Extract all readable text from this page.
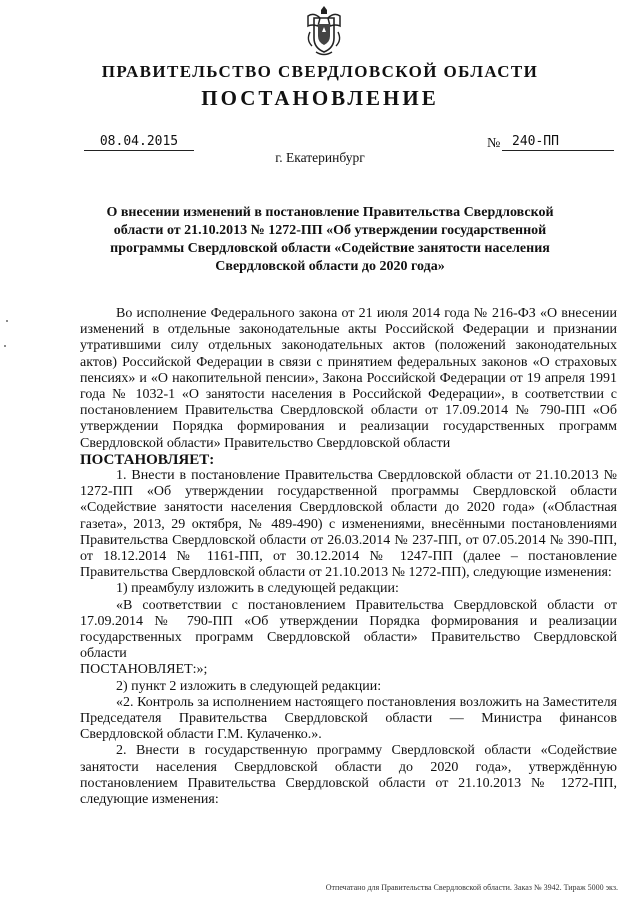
ПРАВИТЕЛЬСТВО СВЕРДЛОВСКОЙ ОБЛАСТИ
ПОСТАНОВЛЕНИЕ
08.04.2015	№ 240-ПП
г. Екатеринбург
О внесении изменений в постановление Правительства Свердловской области от 21.10.2013 № 1272-ПП «Об утверждении государственной программы Свердловской области «Содействие занятости населения Свердловской области до 2020 года»

Во исполнение Федерального закона от 21 июля 2014 года № 216-ФЗ «О внесении изменений в отдельные законодательные акты Российской Федерации и признании утратившими силу отдельных законодательных актов (положений законодательных актов) Российской Федерации в связи с принятием федеральных законов «О страховых пенсиях» и «О накопительной пенсии», Закона Российской Федерации от 19 апреля 1991 года № 1032-1 «О занятости населения в Российской Федерации», в соответствии с постановлением Правительства Свердловской области от 17.09.2014 № 790-ПП «Об утверждении Порядка формирования и реализации государственных программ Свердловской области» Правительство Свердловской области

ПОСТАНОВЛЯЕТ:

1. Внести в постановление Правительства Свердловской области от 21.10.2013 № 1272-ПП «Об утверждении государственной программы Свердловской области «Содействие занятости населения Свердловской области до 2020 года» («Областная газета», 2013, 29 октября, № 489-490) с изменениями, внесёнными постановлениями Правительства Свердловской области от 26.03.2014 № 237-ПП, от 07.05.2014 № 390-ПП, от 18.12.2014 № 1161-ПП, от 30.12.2014 № 1247-ПП (далее – постановление Правительства Свердловской области от 21.10.2013 № 1272-ПП), следующие изменения:

1) преамбулу изложить в следующей редакции:

«В соответствии с постановлением Правительства Свердловской области от 17.09.2014 № 790-ПП «Об утверждении Порядка формирования и реализации государственных программ Свердловской области» Правительство Свердловской области

ПОСТАНОВЛЯЕТ:»;

2) пункт 2 изложить в следующей редакции:

«2. Контроль за исполнением настоящего постановления возложить на Заместителя Председателя Правительства Свердловской области — Министра финансов Свердловской области Г.М. Кулаченко.».

2. Внести в государственную программу Свердловской области «Содействие занятости населения Свердловской области до 2020 года», утверждённую постановлением Правительства Свердловской области от 21.10.2013 № 1272-ПП, следующие изменения:

Отпечатано для Правительства Свердловской области. Заказ № 3942. Тираж 5000 экз.
